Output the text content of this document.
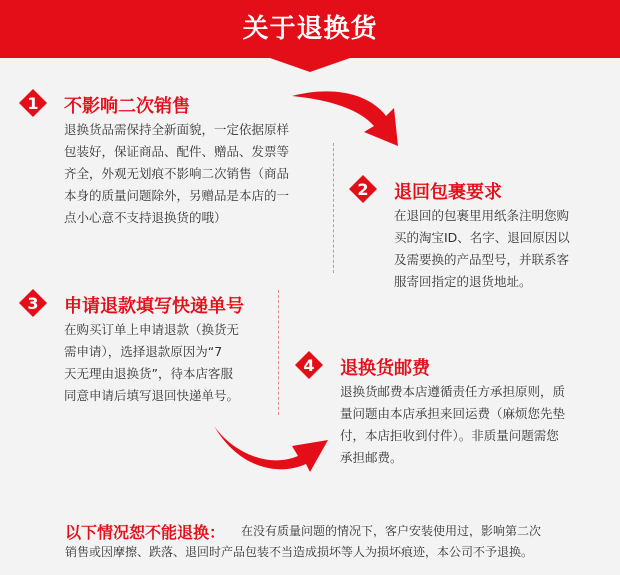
关于退换货
1 不影响二次销售
退换货品需保持全新面貌，一定依据原样
包装好，保证商品、配件、赠品、发票等
齐全，外观无划痕不影响二次销售（商品
本身的质量问题除外，另赠品是本店的一
点小心意不支持退换货的哦）
2 退回包裹要求
在退回的包裹里用纸条注明您购
买的淘宝ID、名字、退回原因以
及需要换的产品型号，并联系客
服寄回指定的退货地址。
3 申请退款填写快递单号
在购买订单上申请退款（换货无
需申请），选择退款原因为“7
天无理由退换货”，待本店客服
同意申请后填写退回快递单号。
4 退换货邮费
退换货邮费本店遵循责任方承担原则，质
量问题由本店承担来回运费（麻烦您先垫
付，本店拒收到付件）。非质量问题需您
承担邮费。
以下情况恕不能退换：	在没有质量问题的情况下，客户安装使用过，影响第二次
销售或因摩擦、跌落、退回时产品包装不当造成损坏等人为损坏痕迹，本公司不予退换。
